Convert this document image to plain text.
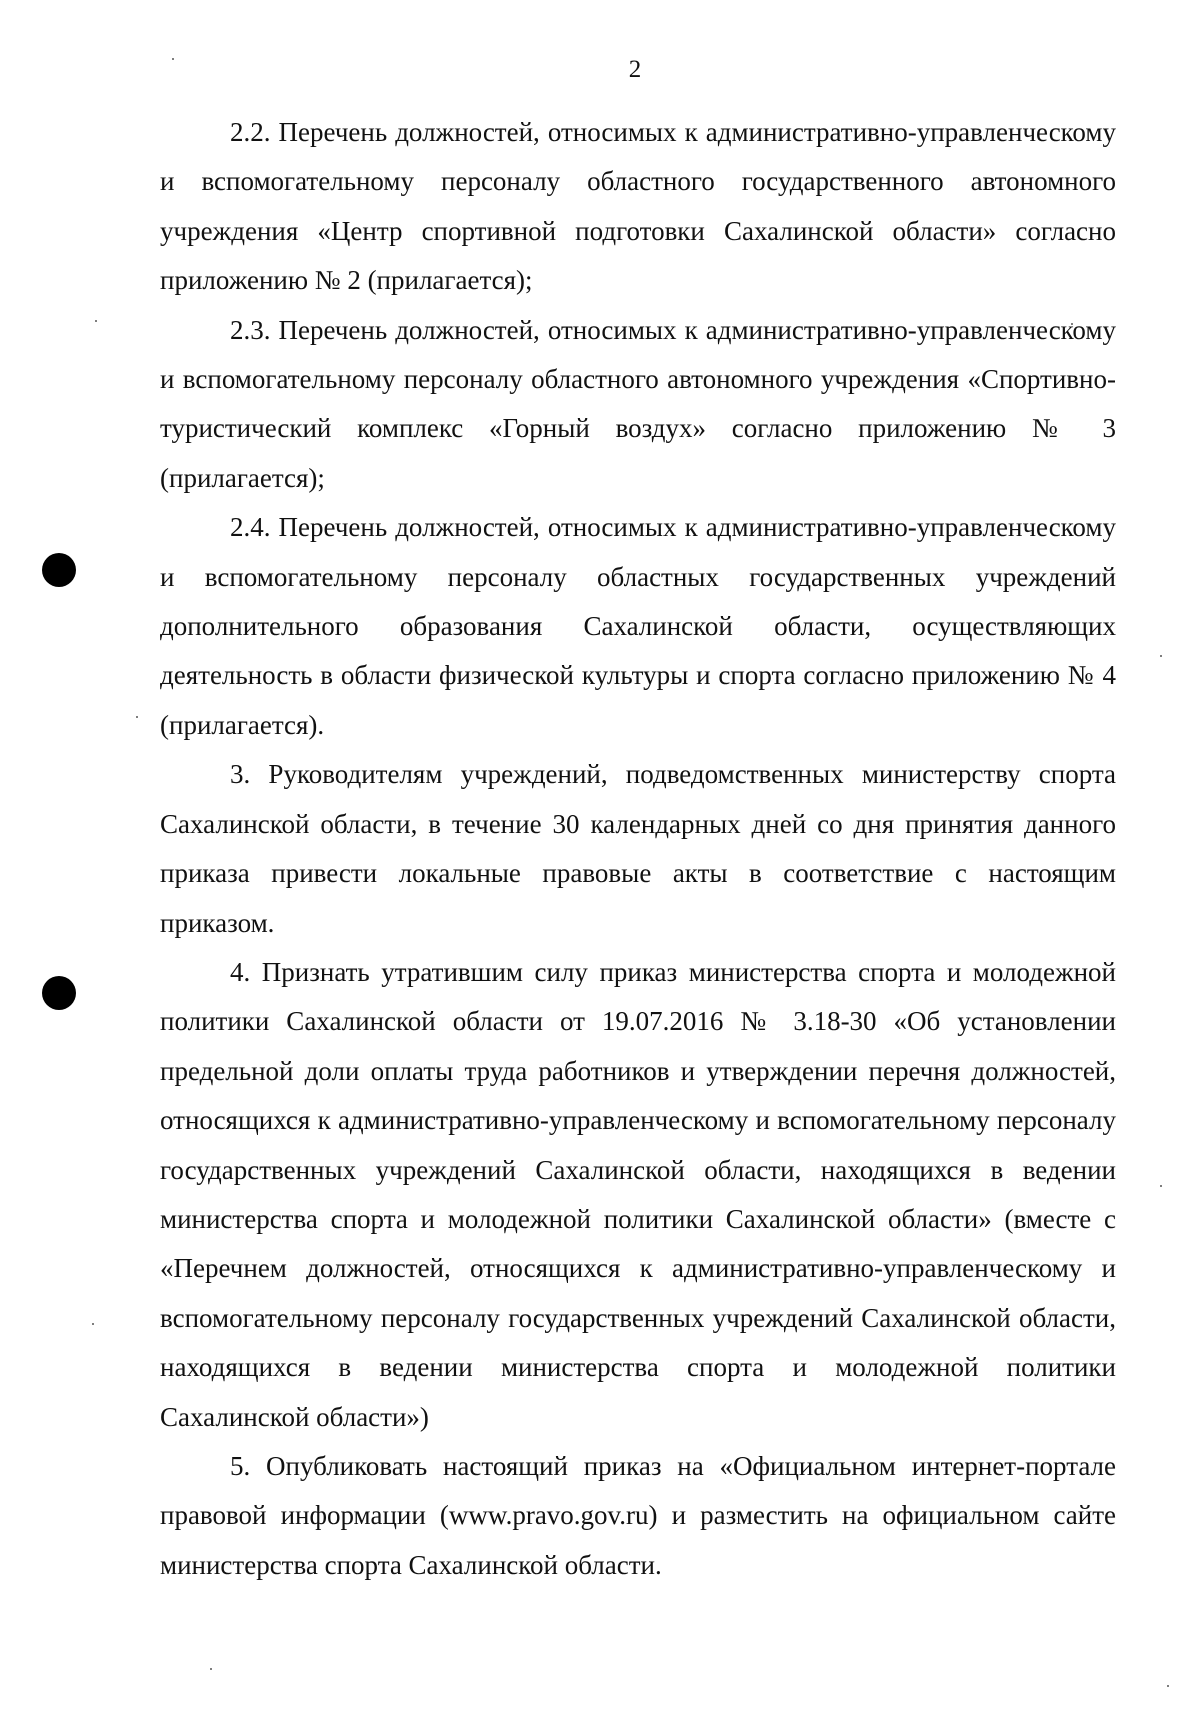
2

2.2. Перечень должностей, относимых к административно-управленческому и вспомогательному персоналу областного государственного автономного учреждения «Центр спортивной подготовки Сахалинской области» согласно приложению № 2 (прилагается);

2.3. Перечень должностей, относимых к административно-управленческому и вспомогательному персоналу областного автономного учреждения «Спортивно-туристический комплекс «Горный воздух» согласно приложению № 3 (прилагается);

2.4. Перечень должностей, относимых к административно-управленческому и вспомогательному персоналу областных государственных учреждений дополнительного образования Сахалинской области, осуществляющих деятельность в области физической культуры и спорта согласно приложению № 4 (прилагается).

3. Руководителям учреждений, подведомственных министерству спорта Сахалинской области, в течение 30 календарных дней со дня принятия данного приказа привести локальные правовые акты в соответствие с настоящим приказом.

4. Признать утратившим силу приказ министерства спорта и молодежной политики Сахалинской области от 19.07.2016 № 3.18-30 «Об установлении предельной доли оплаты труда работников и утверждении перечня должностей, относящихся к административно-управленческому и вспомогательному персоналу государственных учреждений Сахалинской области, находящихся в ведении министерства спорта и молодежной политики Сахалинской области» (вместе с «Перечнем должностей, относящихся к административно-управленческому и вспомогательному персоналу государственных учреждений Сахалинской области, находящихся в ведении министерства спорта и молодежной политики Сахалинской области»)

5. Опубликовать настоящий приказ на «Официальном интернет-портале правовой информации (www.pravo.gov.ru) и разместить на официальном сайте министерства спорта Сахалинской области.
